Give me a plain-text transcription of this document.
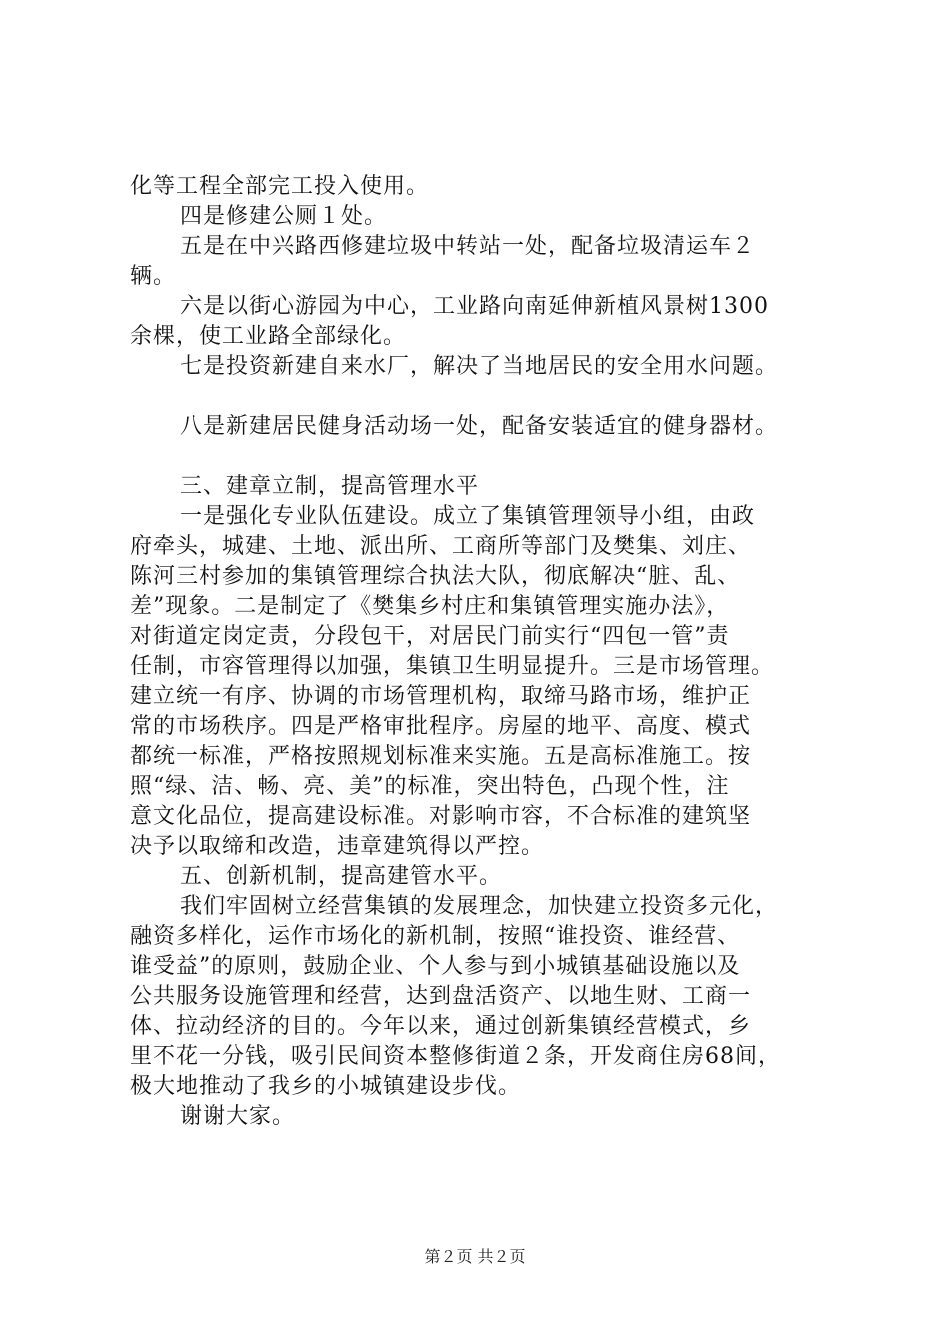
化等工程全部完工投入使用。
四是修建公厕１处。
五是在中兴路西修建垃圾中转站一处，配备垃圾清运车２
辆。
六是以街心游园为中心，工业路向南延伸新植风景树1300
余棵，使工业路全部绿化。
七是投资新建自来水厂，解决了当地居民的安全用水问题。
八是新建居民健身活动场一处，配备安装适宜的健身器材。
三、建章立制，提高管理水平
一是强化专业队伍建设。成立了集镇管理领导小组，由政
府牵头，城建、土地、派出所、工商所等部门及樊集、刘庄、
陈河三村参加的集镇管理综合执法大队，彻底解决“脏、乱、
差”现象。二是制定了《樊集乡村庄和集镇管理实施办法》，
对街道定岗定责，分段包干，对居民门前实行“四包一管”责
任制，市容管理得以加强，集镇卫生明显提升。三是市场管理。
建立统一有序、协调的市场管理机构，取缔马路市场，维护正
常的市场秩序。四是严格审批程序。房屋的地平、高度、模式
都统一标准，严格按照规划标准来实施。五是高标准施工。按
照“绿、洁、畅、亮、美”的标准，突出特色，凸现个性，注
意文化品位，提高建设标准。对影响市容，不合标准的建筑坚
决予以取缔和改造，违章建筑得以严控。
五、创新机制，提高建管水平。
我们牢固树立经营集镇的发展理念，加快建立投资多元化，
融资多样化，运作市场化的新机制，按照“谁投资、谁经营、
谁受益”的原则，鼓励企业、个人参与到小城镇基础设施以及
公共服务设施管理和经营，达到盘活资产、以地生财、工商一
体、拉动经济的目的。今年以来，通过创新集镇经营模式，乡
里不花一分钱，吸引民间资本整修街道２条，开发商住房68间，
极大地推动了我乡的小城镇建设步伐。
谢谢大家。
第２页 共２页
